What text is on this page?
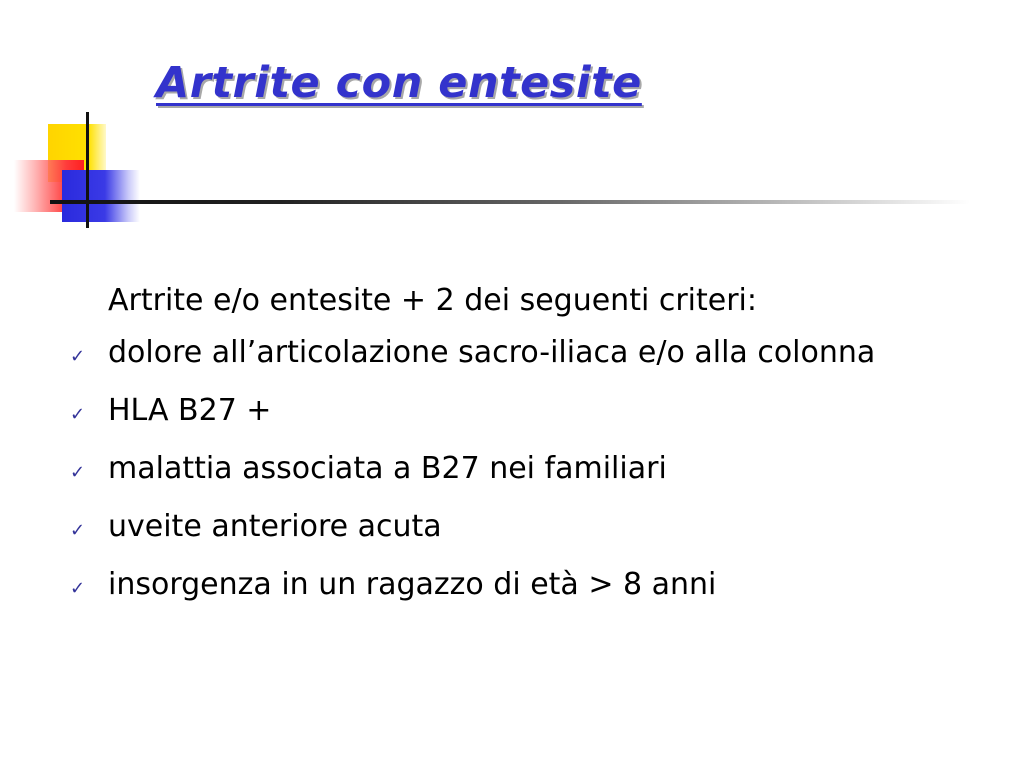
Artrite con entesite
Artrite e/o entesite + 2 dei seguenti criteri:
✓ dolore all’articolazione sacro-iliaca e/o alla colonna
✓ HLA B27 +
✓ malattia associata a B27 nei familiari
✓ uveite anteriore acuta
✓ insorgenza in un ragazzo di età > 8 anni
